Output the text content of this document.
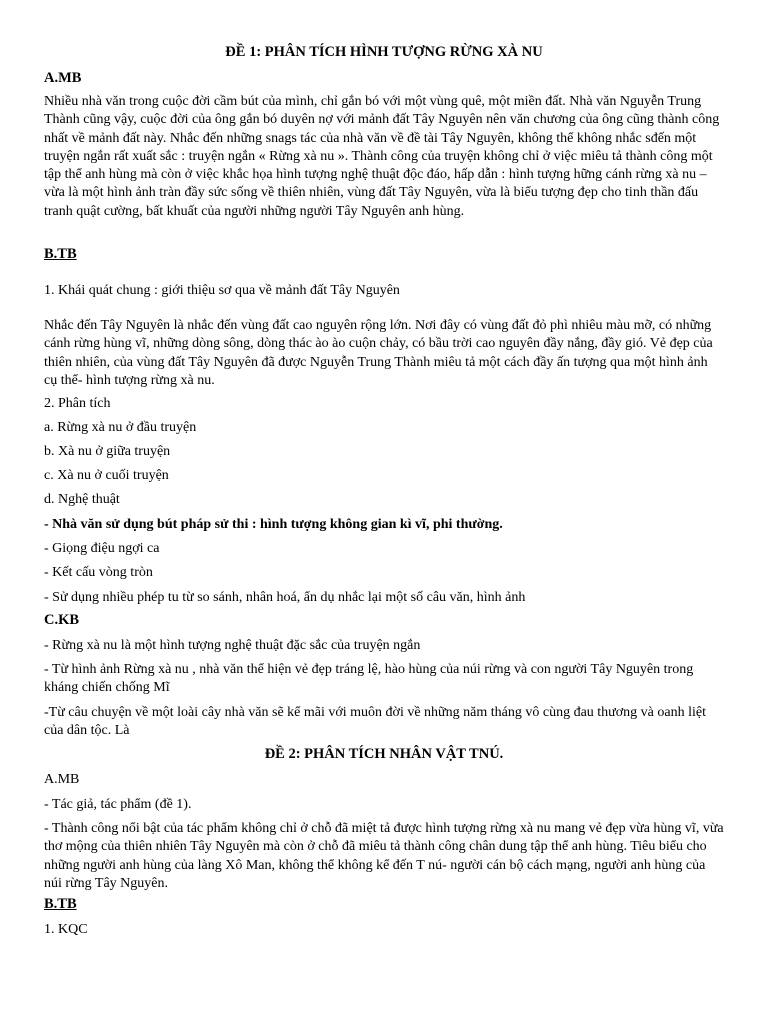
ĐỀ 1: PHÂN TÍCH HÌNH TƯỢNG RỪNG XÀ NU
A.MB

Nhiều nhà văn trong cuộc đời cầm bút của mình, chỉ gắn bó với một vùng quê, một miền đất. Nhà văn Nguyễn Trung Thành cũng vậy, cuộc đời của ông gắn bó duyên nợ với mảnh đất Tây Nguyên nên văn chương của ông cũng thành công nhất về mảnh đất này. Nhắc đến những snags tác của nhà văn về đề tài Tây Nguyên, không thể không nhắc sđến một truyện ngắn rất xuất sắc : truyện ngắn « Rừng xà nu ». Thành công của truyện không chỉ ở việc miêu tả thành công một tập thể anh hùng mà còn ở việc khắc họa hình tượng nghệ thuật độc đáo, hấp dẫn : hình tượng hững cánh rừng xà nu – vừa là một hình ảnh tràn đầy sức sống về thiên nhiên, vùng đất Tây Nguyên, vừa là biểu tượng đẹp cho tinh thần đấu tranh quật cường, bất khuất của người những người Tây Nguyên anh hùng.

B.TB

1. Khái quát chung : giới thiệu sơ qua về mảnh đất Tây Nguyên

Nhắc đến Tây Nguyên là nhắc đến vùng đất cao nguyên rộng lớn. Nơi đây có vùng đất đỏ phì nhiêu màu mỡ, có những cánh rừng hùng vĩ, những dòng sông, dòng thác ào ào cuộn chảy, có bầu trời cao nguyên đầy nắng, đầy gió. Vẻ đẹp của thiên nhiên, của vùng đất Tây Nguyên đã được Nguyễn Trung Thành miêu tả một cách đầy ấn tượng qua một hình ảnh cụ thể- hình tượng rừng xà nu.

2. Phân tích

a. Rừng xà nu ở đầu truyện

b. Xà nu ở giữa truyện

c. Xà nu ở cuối truyện

d. Nghệ thuật

- Nhà văn sử dụng bút pháp sử thi : hình tượng không gian kì vĩ, phi thường.

- Giọng điệu ngợi ca

- Kết cấu vòng tròn

- Sử dụng nhiều phép tu từ so sánh, nhân hoá, ẩn dụ nhắc lại một số câu văn, hình ảnh

C.KB

- Rừng xà nu là một hình tượng nghệ thuật đặc sắc của truyện ngắn

- Từ hình ảnh Rừng xà nu , nhà văn thể hiện vẻ đẹp tráng lệ, hào hùng của núi rừng và con người Tây Nguyên trong kháng chiến chống Mĩ

-Từ câu chuyện về một loài cây nhà văn sẽ kể mãi với muôn đời về những năm tháng vô cùng đau thương và oanh liệt của dân tộc. Là

ĐỀ 2: PHÂN TÍCH NHÂN VẬT TNÚ.

A.MB

- Tác giả, tác phẩm (đề 1).

- Thành công nổi bật của tác phẩm không chỉ ở chỗ đã miệt tả được hình tượng rừng xà nu mang vẻ đẹp vừa hùng vĩ, vừa thơ mộng của thiên nhiên Tây Nguyên mà còn ở chỗ đã miêu tả thành công chân dung tập thể anh hùng. Tiêu biểu cho những người anh hùng của làng Xô Man, không thể không kể đến T nú- người cán bộ cách mạng, người anh hùng của núi rừng Tây Nguyên.

B.TB

1. KQC
